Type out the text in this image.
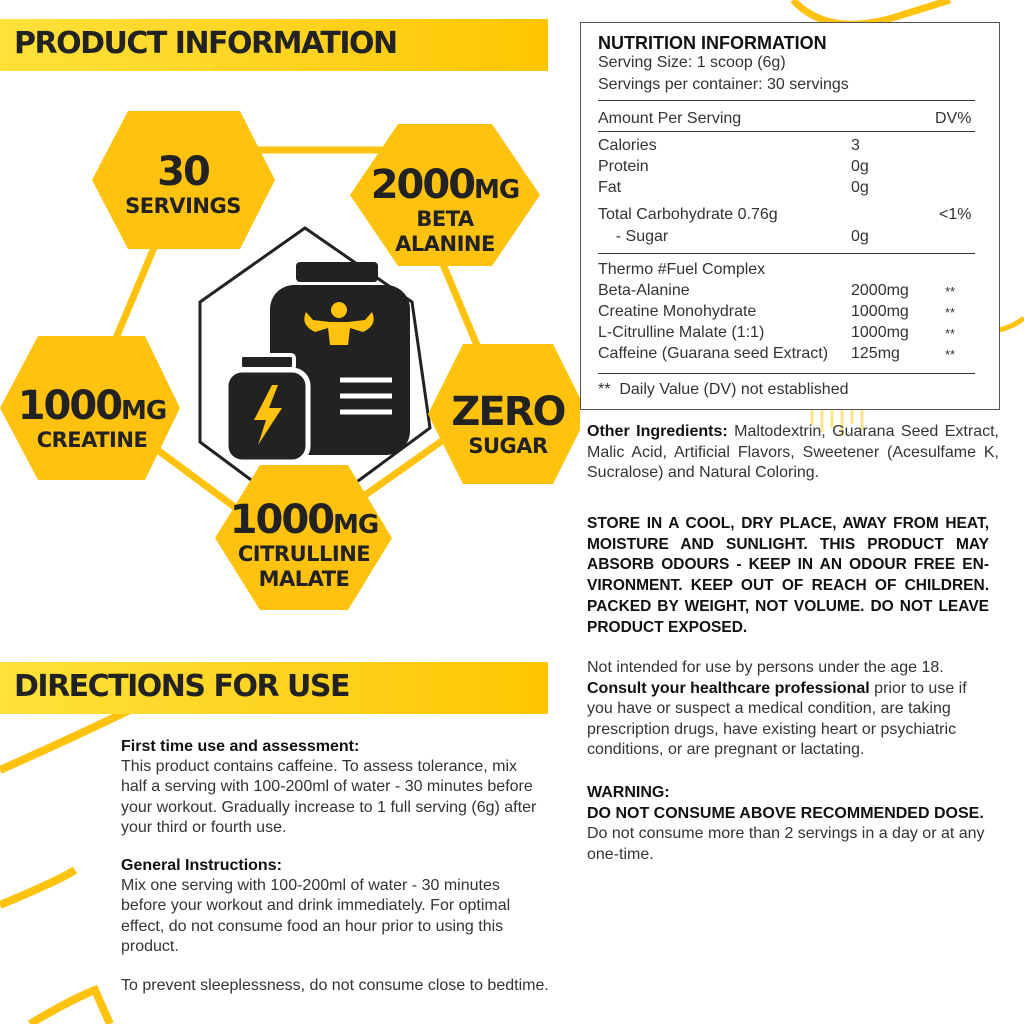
PRODUCT INFORMATION
30
SERVINGS	2000MG
BETA
ALANINE
1000MG
CREATINE
ZERO
SUGAR
1000MG
CITRULLINE
MALATE
NUTRITION INFORMATION
Serving Size: 1 scoop (6g)
Servings per container: 30 servings
Amount Per Serving	DV%
Calories	3
Protein	0g
Fat	0g
Total Carbohydrate 0.76g	<1%
- Sugar	0g
Thermo #Fuel Complex
Beta-Alanine	2000mg	**
Creatine Monohydrate	1000mg	**
L-Citrulline Malate (1:1)	1000mg	**
Caffeine (Guarana seed Extract) 125mg	**
**  Daily Value (DV) not established
Other Ingredients: Maltodextrin, Guarana Seed Extract, Malic Acid, Artificial Flavors, Sweetener (Acesulfame K, Sucralose) and Natural Coloring.
STORE IN A COOL, DRY PLACE, AWAY FROM HEAT, MOISTURE AND SUNLIGHT. THIS PRODUCT MAY ABSORB ODOURS - KEEP IN AN ODOUR FREE EN-VIRONMENT. KEEP OUT OF REACH OF CHILDREN. PACKED BY WEIGHT, NOT VOLUME. DO NOT LEAVE PRODUCT EXPOSED.
Not intended for use by persons under the age 18.
Consult your healthcare professional prior to use if you have or suspect a medical condition, are taking prescription drugs, have existing heart or psychiatric conditions, or are pregnant or lactating.
WARNING:
DO NOT CONSUME ABOVE RECOMMENDED DOSE.
Do not consume more than 2 servings in a day or at any one-time.
DIRECTIONS FOR USE
First time use and assessment:
This product contains caffeine. To assess tolerance, mix half a serving with 100-200ml of water - 30 minutes before your workout. Gradually increase to 1 full serving (6g) after your third or fourth use.
General Instructions:
Mix one serving with 100-200ml of water - 30 minutes before your workout and drink immediately. For optimal effect, do not consume food an hour prior to using this product.
To prevent sleeplessness, do not consume close to bedtime.
